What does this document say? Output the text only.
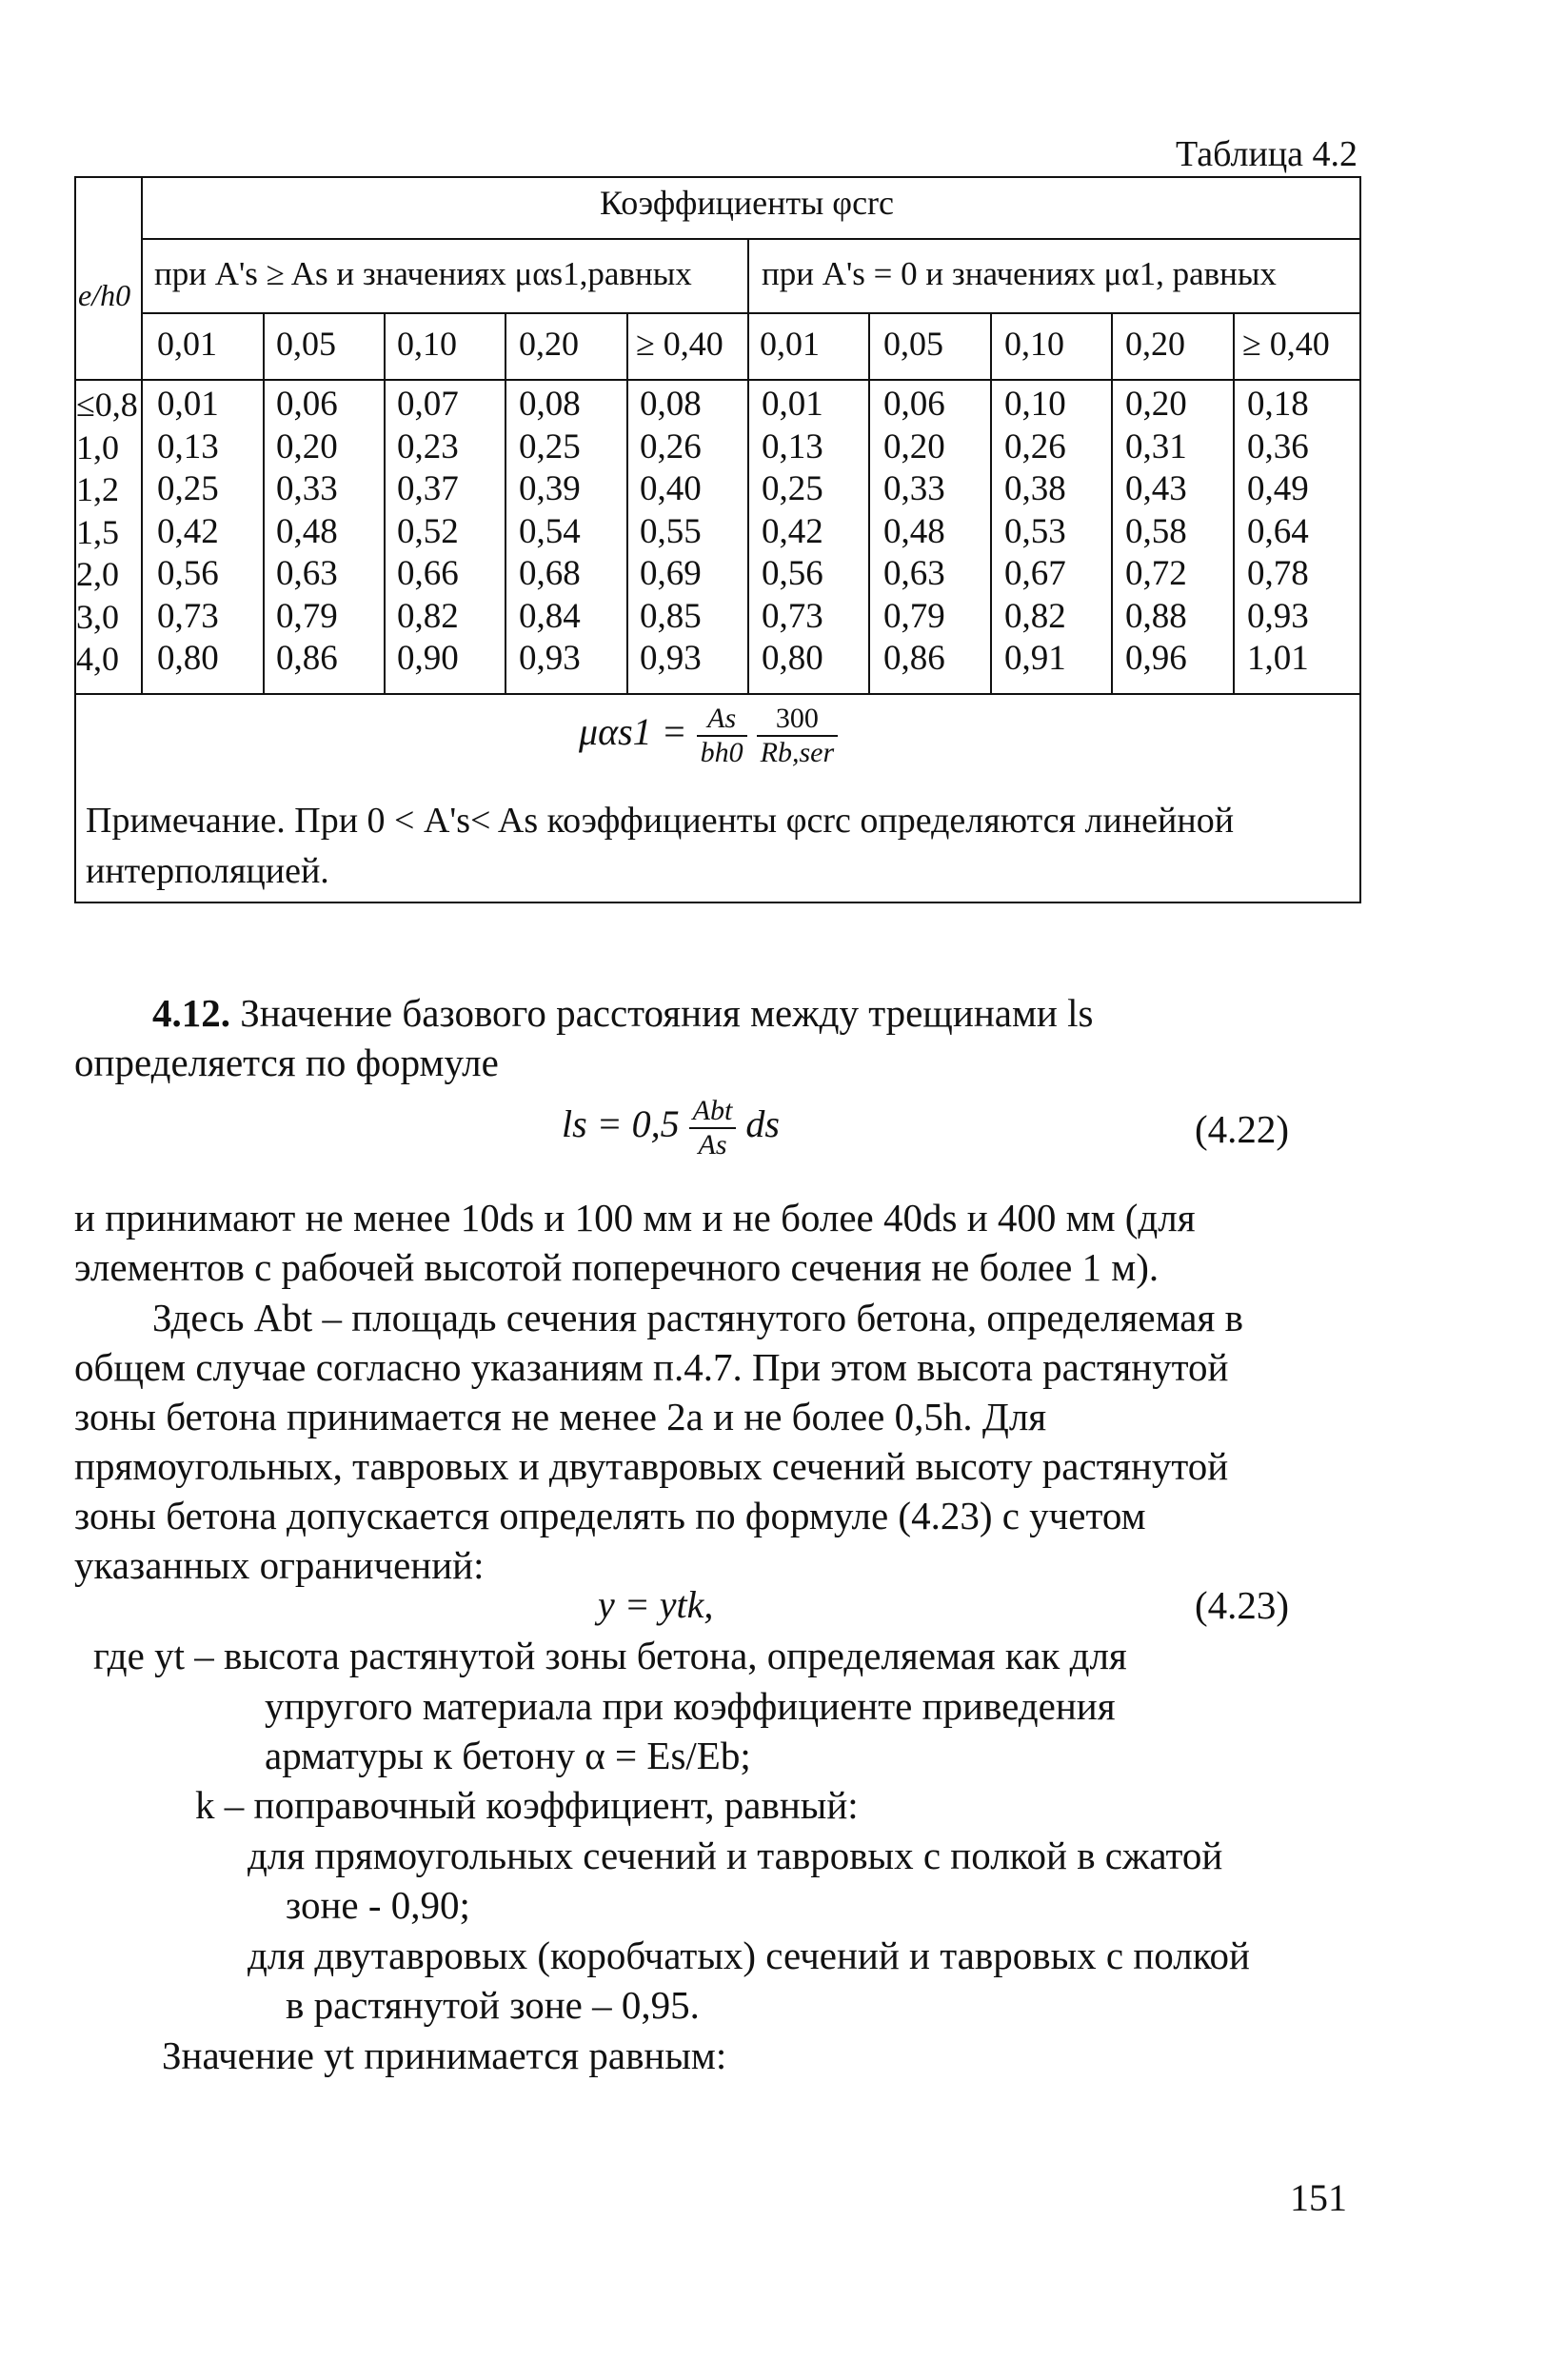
Таблица 4.2
Коэффициенты φcrc
e/h0
при A's ≥ As и значениях μαs1,равных при A's = 0 и значениях μα1, равных
0,01 0,05 0,10 0,20 ≥ 0,40 0,01 0,05 0,10 0,20 ≥ 0,40
≤0,8
1,0
1,2
1,5
2,0
3,0
4,0
0,01
0,13
0,25
0,42
0,56
0,73
0,80
0,06
0,20
0,33
0,48
0,63
0,79
0,86
0,07
0,23
0,37
0,52
0,66
0,82
0,90
0,08
0,25
0,39
0,54
0,68
0,84
0,93
0,08
0,26
0,40
0,55
0,69
0,85
0,93
0,01
0,13
0,25
0,42
0,56
0,73
0,80
0,06
0,20
0,33
0,48
0,63
0,79
0,86
0,10
0,26
0,38
0,53
0,67
0,82
0,91
0,20
0,31
0,43
0,58
0,72
0,88
0,96
0,18
0,36
0,49
0,64
0,78
0,93
1,01
$\mu\alpha s1 = \frac{As}{bh0}$
$\frac{300}{\text{Rb,ser}}$
Примечание. При 0 < A's< As коэффициенты φcrc определяются линейной
интерполяцией.
4.12. Значение базового расстояния между трещинами ls
определяется по формуле
ls = $0,5 \frac{\text{Abt}}{As}$ ds	(4.22)
и принимают не менее 10ds и 100 мм и не более 40ds и 400 мм (для
элементов с рабочей высотой поперечного сечения не более 1 м).
Здесь Abt – площадь сечения растянутого бетона, определяемая в
общем случае согласно указаниям п.4.7. При этом высота растянутой
зоны бетона принимается не менее 2a и не более 0,5h. Для
прямоугольных, тавровых и двутавровых сечений высоту растянутой
зоны бетона допускается определять по формуле (4.23) с учетом
указанных ограничений:
y = ytk,	(4.23)
где yt – высота растянутой зоны бетона, определяемая как для
упругого материала при коэффициенте приведения
арматуры к бетону α = Es/Eb;
k – поправочный коэффициент, равный:
для прямоугольных сечений и тавровых с полкой в сжатой
зоне - 0,90;
для двутавровых (коробчатых) сечений и тавровых с полкой
в растянутой зоне – 0,95.
Значение yt принимается равным:
151
